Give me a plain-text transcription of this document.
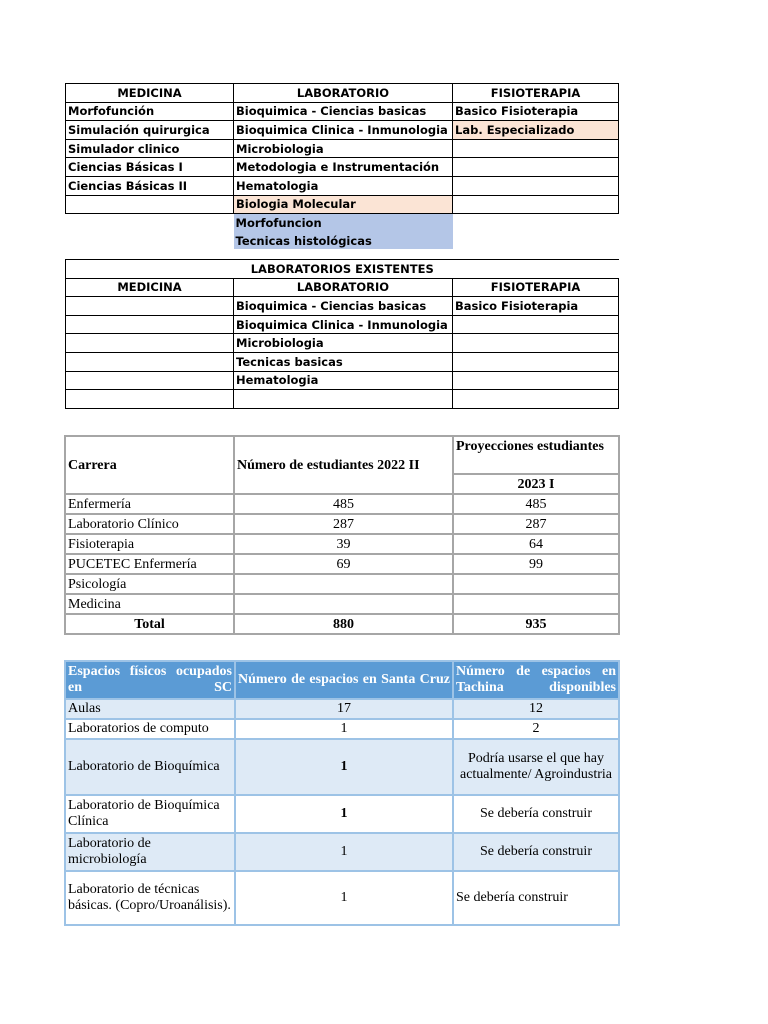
MEDICINA	LABORATORIO	FISIOTERAPIA
Morfofunción	Bioquimica - Ciencias basicas	Basico Fisioterapia
Simulación quirurgica	Bioquimica Clinica - Inmunologia	Lab. Especializado
Simulador clinico	Microbiologia	
Ciencias Básicas I	Metodologia e Instrumentación	
Ciencias Básicas II	Hematologia	
	Biologia Molecular	
	Morfofuncion	
	Tecnicas histológicas	
LABORATORIOS EXISTENTES		
MEDICINA	LABORATORIO	FISIOTERAPIA
	Bioquimica - Ciencias basicas	Basico Fisioterapia
	Bioquimica Clinica - Inmunologia	
	Microbiologia	
	Tecnicas basicas	
	Hematologia	

Carrera	Número de estudiantes 2022 II	Proyecciones estudiantes
		2023 I
Enfermería	485	485
Laboratorio Clínico	287	287
Fisioterapia	39	64
PUCETEC Enfermería	69	99
Psicología		
Medicina		
Total	880	935
Espacios físicos ocupados en SC	Número de espacios en Santa Cruz	Número de espacios en Tachina disponibles
Aulas	17	12
Laboratorios de computo	1	2
Laboratorio de Bioquímica	1	Podría usarse el que hay actualmente/ Agroindustria
Laboratorio de Bioquímica Clínica	1	Se debería construir
Laboratorio de microbiología	1	Se debería construir
Laboratorio de técnicas básicas. (Copro/Uroanálisis).	1	Se debería construir
